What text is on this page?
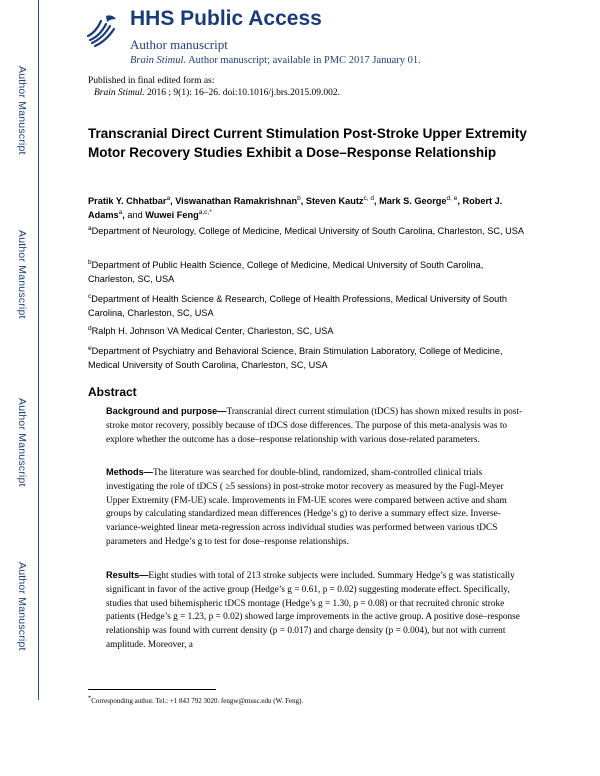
Author Manuscript
Author Manuscript
Author Manuscript
Author Manuscript
HHS Public Access
Author manuscript
Brain Stimul. Author manuscript; available in PMC 2017 January 01.
Published in final edited form as:
Brain Stimul. 2016 ; 9(1): 16–26. doi:10.1016/j.brs.2015.09.002.
Transcranial Direct Current Stimulation Post-Stroke Upper Extremity Motor Recovery Studies Exhibit a Dose–Response Relationship
Pratik Y. Chhatbar$^a$, Viswanathan Ramakrishnan$^b$, Steven Kautz$^{c, d}$, Mark S. George$^{d, e}$, Robert J. Adams$^a$, and Wuwei Feng$^{a,c,*}$
$^a$Department of Neurology, College of Medicine, Medical University of South Carolina, Charleston, SC, USA
$^b$Department of Public Health Science, College of Medicine, Medical University of South Carolina, Charleston, SC, USA
$^c$Department of Health Science & Research, College of Health Professions, Medical University of South Carolina, Charleston, SC, USA
$^d$Ralph H. Johnson VA Medical Center, Charleston, SC, USA
$^e$Department of Psychiatry and Behavioral Science, Brain Stimulation Laboratory, College of Medicine, Medical University of South Carolina, Charleston, SC, USA
Abstract
Background and purpose—Transcranial direct current stimulation (tDCS) has shown mixed results in post-stroke motor recovery, possibly because of tDCS dose differences. The purpose of this meta-analysis was to explore whether the outcome has a dose–response relationship with various dose-related parameters.
Methods—The literature was searched for double-blind, randomized, sham-controlled clinical trials investigating the role of tDCS ( ≥5 sessions) in post-stroke motor recovery as measured by the Fugl-Meyer Upper Extremity (FM-UE) scale. Improvements in FM-UE scores were compared between active and sham groups by calculating standardized mean differences (Hedge’s g) to derive a summary effect size. Inverse-variance-weighted linear meta-regression across individual studies was performed between various tDCS parameters and Hedge’s g to test for dose–response relationships.
Results—Eight studies with total of 213 stroke subjects were included. Summary Hedge’s g was statistically significant in favor of the active group (Hedge’s g = 0.61, p = 0.02) suggesting moderate effect. Specifically, studies that used bihemispheric tDCS montage (Hedge’s g = 1.30, p = 0.08) or that recruited chronic stroke patients (Hedge’s g = 1.23, p = 0.02) showed large improvements in the active group. A positive dose–response relationship was found with current density (p = 0.017) and charge density (p = 0.004), but not with current amplitude. Moreover, a
*Corresponding author. Tel.: +1 843 792 3020. fengw@musc.edu (W. Feng).
